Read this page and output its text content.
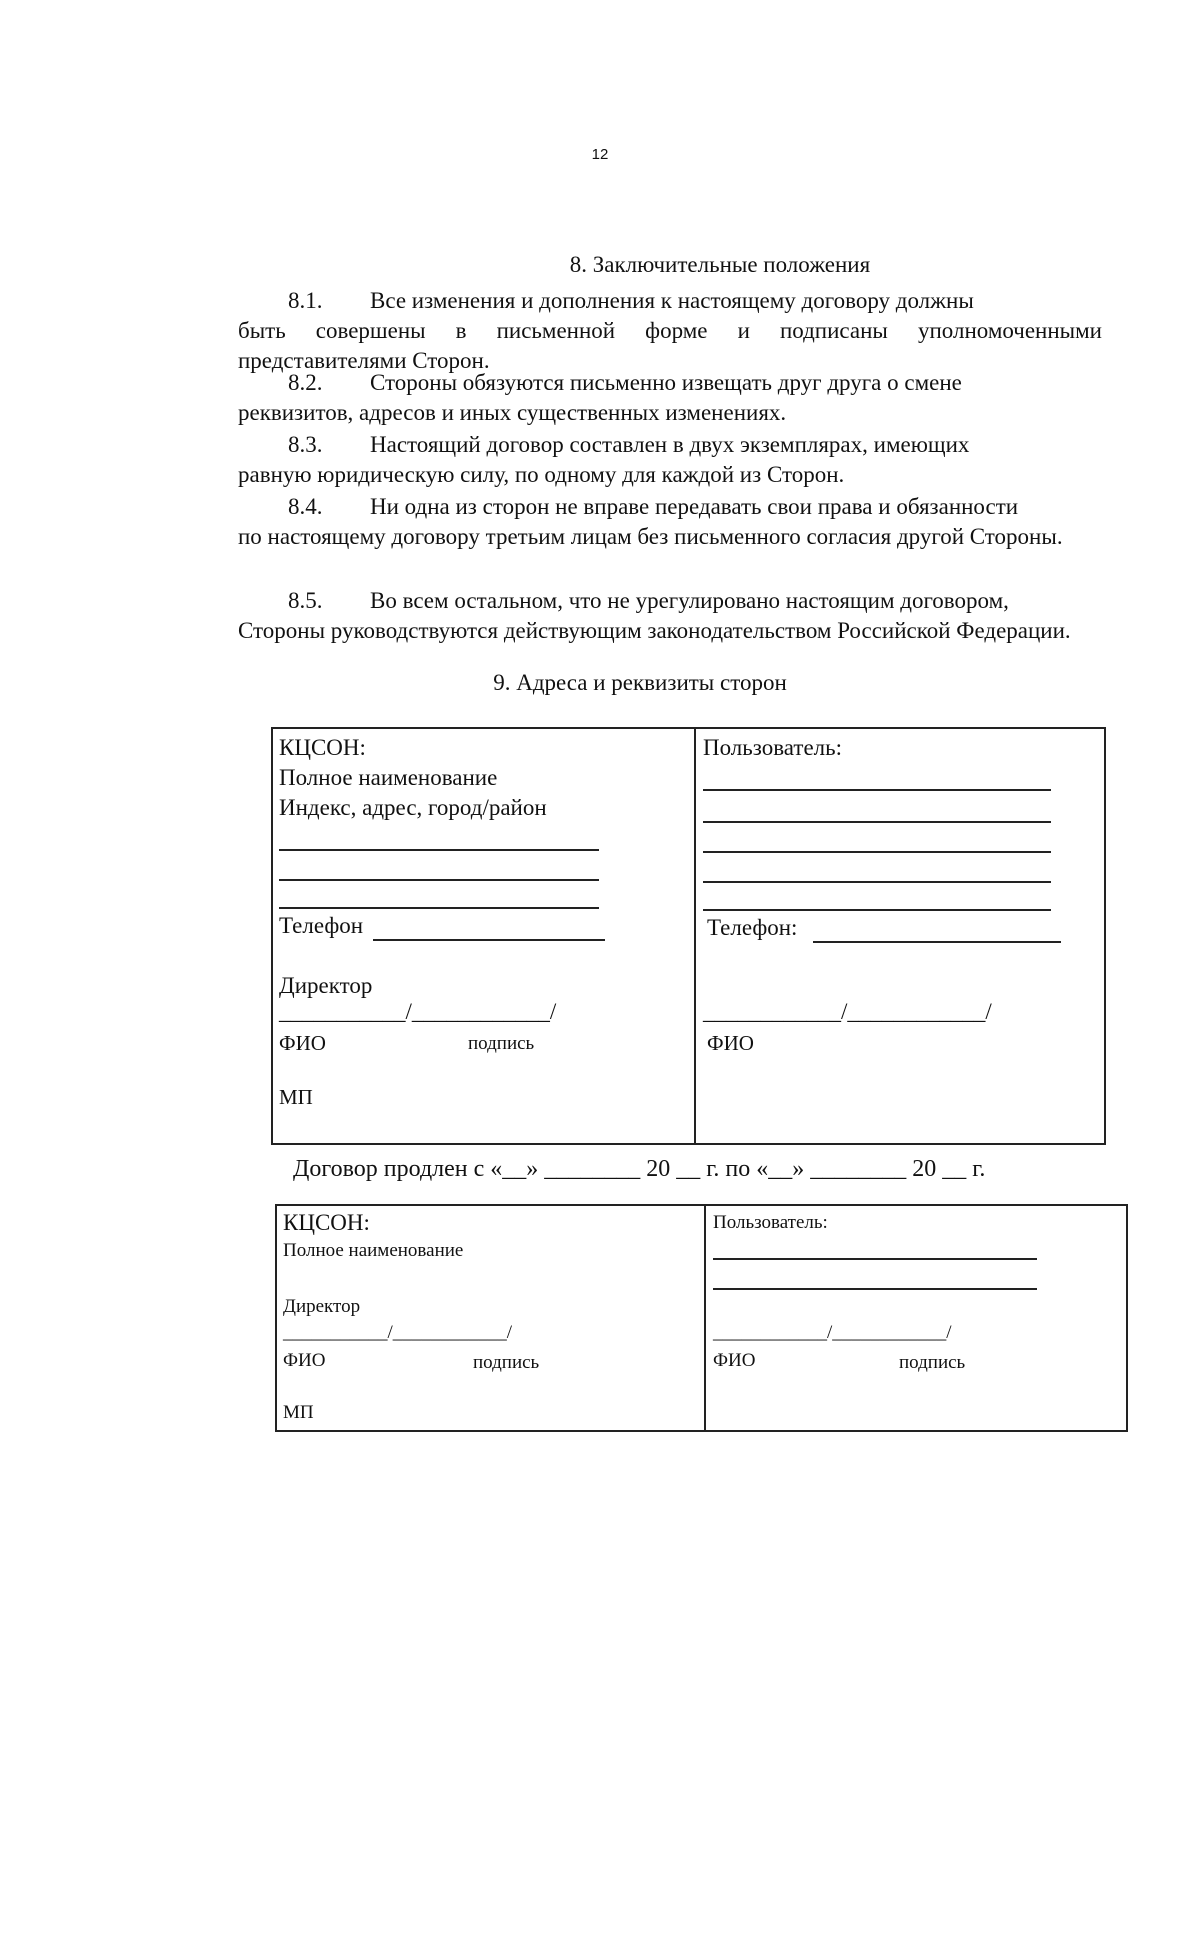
12
8. Заключительные положения
8.1. Все изменения и дополнения к настоящему договору должны
быть совершены в письменной форме и подписаны уполномоченными представителями Сторон.
8.2. Стороны обязуются письменно извещать друг друга о смене
реквизитов, адресов и иных существенных изменениях.
8.3. Настоящий договор составлен в двух экземплярах, имеющих
равную юридическую силу, по одному для каждой из Сторон.
8.4. Ни одна из сторон не вправе передавать свои права и обязанности
по настоящему договору третьим лицам без письменного согласия другой Стороны.
8.5. Во всем остальном, что не урегулировано настоящим договором,
Стороны руководствуются действующим законодательством Российской Федерации.
9. Адреса и реквизиты сторон
КЦСОН:
Полное наименование
Индекс, адрес, город/район
Телефон
Директор
___________/____________/
ФИО	подпись
МП
Пользователь:
Телефон:
____________/____________/
ФИО
Договор продлен с «__» ________ 20 __ г. по «__» ________ 20 __ г.
КЦСОН:
Полное наименование
Директор
___________/____________/
ФИО	подпись
МП
Пользователь:
____________/____________/
ФИО	подпись
